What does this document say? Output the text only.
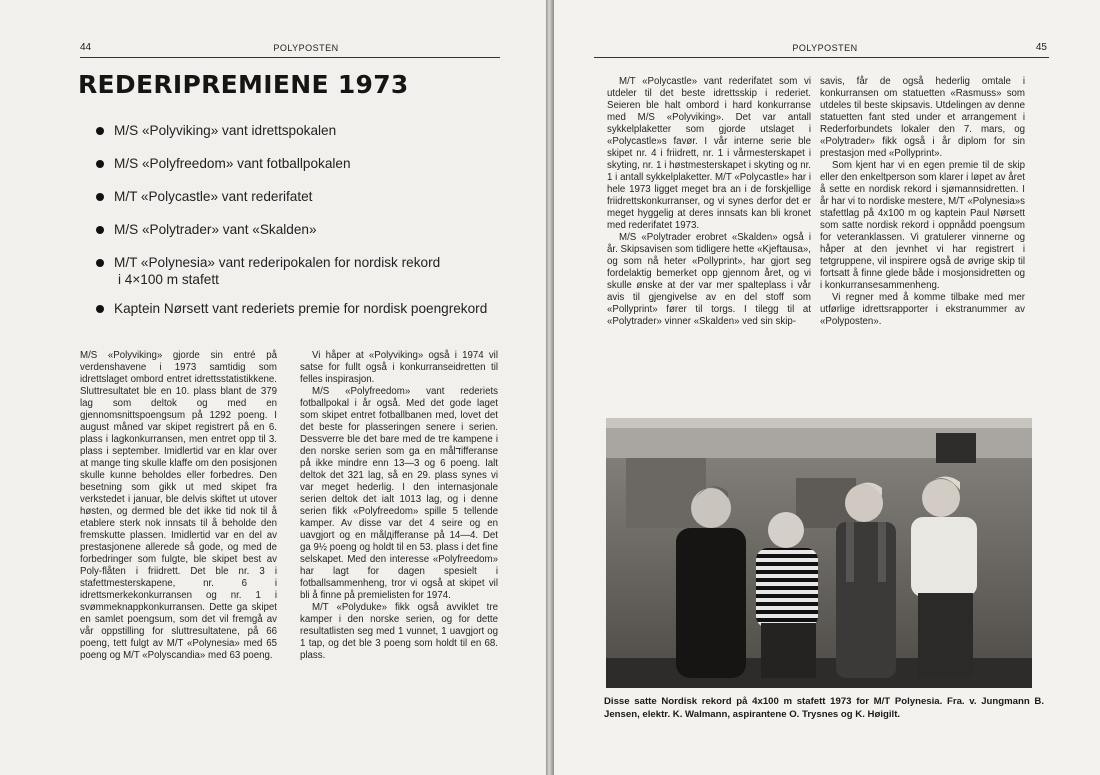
44	POLYPOSTEN
REDERIPREMIENE 1973
M/S «Polyviking» vant idrettspokalen
M/S «Polyfreedom» vant fotballpokalen
M/T «Polycastle» vant rederifatet
M/S «Polytrader» vant «Skalden»
M/T «Polynesia» vant rederipokalen for nordisk rekord
i 4×100 m stafett
Kaptein Nørsett vant rederiets premie for nordisk poengrekord

M/S «Polyviking» gjorde sin entré på verdenshavene i 1973 samtidig som idrettslaget ombord entret idrettsstatistikkene. Sluttresultatet ble en 10. plass blant de 379 lag som deltok og med en gjennomsnittspoengsum på 1292 poeng. I august måned var skipet registrert på en 6. plass i lagkonkurransen, men entret opp til 3. plass i september. Imidlertid var en klar over at mange ting skulle klaffe om den posisjonen skulle kunne beholdes eller forbedres. Den besetning som gikk ut med skipet fra verkstedet i januar, ble delvis skiftet ut utover høsten, og dermed ble det ikke tid nok til å etablere sterk nok innsats til å beholde den fremskutte plassen. Imidlertid var en del av prestasjonene allerede så gode, og med de forbedringer som fulgte, ble skipet best av Poly-flåten i friidrett. Det ble nr. 3 i stafettmesterskapene, nr. 6 i idrettsmerkekonkurransen og nr. 1 i svømmeknappkonkurransen. Dette ga skipet en samlet poengsum, som det vil fremgå av vår oppstilling for sluttresultatene, på 66 poeng, tett fulgt av M/T «Polynesia» med 65 poeng og M/T «Polyscandia» med 63 poeng.

Vi håper at «Polyviking» også i 1974 vil satse for fullt også i konkurranseidretten til felles inspirasjon.

M/S «Polyfreedom» vant rederiets fotballpokal i år også. Med det gode laget som skipet entret fotballbanen med, lovet det det beste for plasseringen senere i serien. Dessverre ble det bare med de tre kampene i den norske serien som ga en målדifferanse på ikke mindre enn 13—3 og 6 poeng. Ialt deltok det 321 lag, så en 29. plass synes vi var meget hederlig. I den internasjonale serien deltok det ialt 1013 lag, og i denne serien fikk «Polyfreedom» spille 5 tellende kamper. Av disse var det 4 seire og en uavgjort og en målдifferanse på 14—4. Det ga 9½ poeng og holdt til en 53. plass i det fine selskapet. Med den interesse «Polyfreedom» har lagt for dagen spesielt i fotballsammenheng, tror vi også at skipet vil bli å finne på premielisten for 1974.

M/T «Polyduke» fikk også avviklet tre kamper i den norske serien, og for dette resultatlisten seg med 1 vunnet, 1 uavgjort og 1 tap, og det ble 3 poeng som holdt til en 68. plass.

POLYPOSTEN	45

M/T «Polycastle» vant rederifatet som vi utdeler til det beste idrettsskip i rederiet. Seieren ble halt ombord i hard konkurranse med M/S «Polyviking». Det var antall sykkelplaketter som gjorde utslaget i «Polycastle»s favør. I vår interne serie ble skipet nr. 4 i friidrett, nr. 1 i vårmesterskapet i skyting, nr. 1 i høstmesterskapet i skyting og nr. 1 i antall sykkelplaketter. M/T «Polycastle» har i hele 1973 ligget meget bra an i de forskjellige friidrettskonkurranser, og vi synes derfor det er meget hyggelig at deres innsats kan bli kronet med rederifatet 1973.

M/S «Polytrader erobret «Skalden» også i år. Skipsavisen som tidligere hette «Kjeftausa», og som nå heter «Pollyprint», har gjort seg fordelaktig bemerket opp gjennom året, og vi skulle ønske at der var mer spalteplass i vår avis til gjengivelse av en del stoff som «Pollyprint» fører til torgs. I tilegg til at «Polytrader» vinner «Skalden» ved sin skip-

savis, får de også hederlig omtale i konkurransen om statuetten «Rasmuss» som utdeles til beste skipsavis. Utdelingen av denne statuetten fant sted under et arrangement i Rederforbundets lokaler den 7. mars, og «Polytrader» fikk også i år diplom for sin prestasjon med «Pollyprint».

Som kjent har vi en egen premie til de skip eller den enkeltperson som klarer i løpet av året å sette en nordisk rekord i sjømannsidretten. I år har vi to nordiske mestere, M/T «Polynesia»s stafettlag på 4x100 m og kaptein Paul Nørsett som satte nordisk rekord i oppnådd poengsum for veteranklassen. Vi gratulerer vinnerne og håper at den jevnhet vi har registrert i tetgruppene, vil inspirere også de øvrige skip til fortsatt å finne glede både i mosjonsidretten og i konkurransesammenheng.

Vi regner med å komme tilbake med mer utførlige idrettsrapporter i ekstranummer av «Polyposten».

Disse satte Nordisk rekord på 4x100 m stafett 1973 for M/T Polynesia. Fra. v. Jungmann B. Jensen, elektr. K. Walmann, aspirantene O. Trysnes og K. Høigilt.
